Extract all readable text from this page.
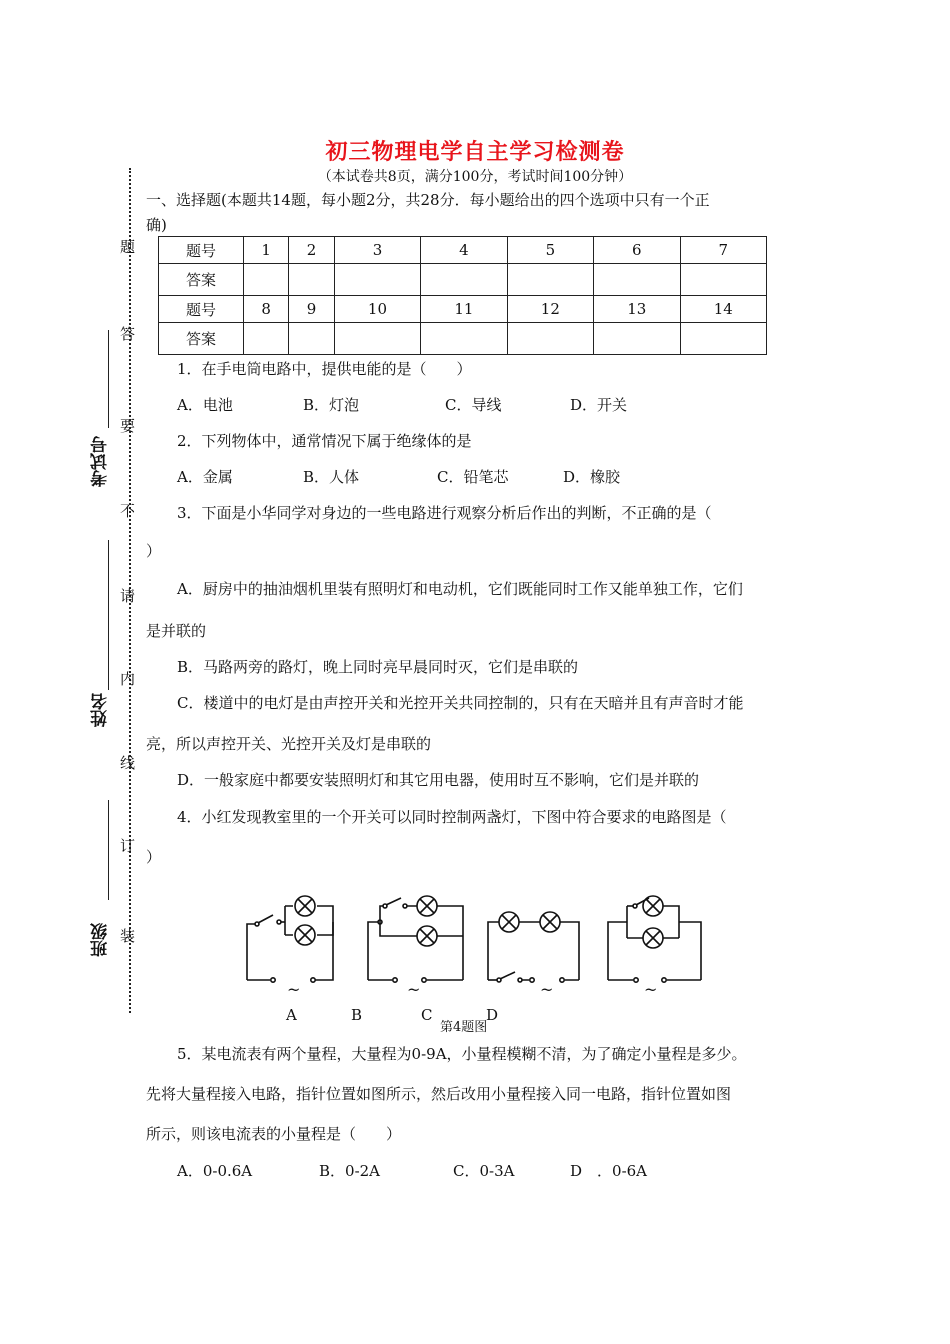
题
答
要
不
请
内
线
订
装
考试号
姓名
班级
初三物理电学自主学习检测卷
（本试卷共8页，满分100分，考试时间100分钟）
一、选择题(本题共14题，每小题2分，共28分．每小题给出的四个选项中只有一个正
确)
题号	1	2	3	4	5	6	7
答案							
题号	8	9	10	11	12	13	14
答案							
1．在手电筒电路中，提供电能的是（　　）
A．电池	B．灯泡	C．导线	D．开关
2．下列物体中，通常情况下属于绝缘体的是
A．金属	B．人体	C．铅笔芯	D．橡胶
3．下面是小华同学对身边的一些电路进行观察分析后作出的判断，不正确的是（
）
A．厨房中的抽油烟机里装有照明灯和电动机，它们既能同时工作又能单独工作，它们
是并联的
B．马路两旁的路灯，晚上同时亮早晨同时灭，它们是串联的
C．楼道中的电灯是由声控开关和光控开关共同控制的，只有在天暗并且有声音时才能
亮，所以声控开关、光控开关及灯是串联的
D．一般家庭中都要安装照明灯和其它用电器，使用时互不影响，它们是并联的
4．小红发现教室里的一个开关可以同时控制两盏灯，下图中符合要求的电路图是（
）
~	~	~	~
A	B	C	D
第4题图
5．某电流表有两个量程，大量程为0-9A，小量程模糊不清，为了确定小量程是多少。
先将大量程接入电路，指针位置如图所示，然后改用小量程接入同一电路，指针位置如图
所示，则该电流表的小量程是（　　）
A．0-0.6A	B．0-2A	C．0-3A	D　．0-6A
